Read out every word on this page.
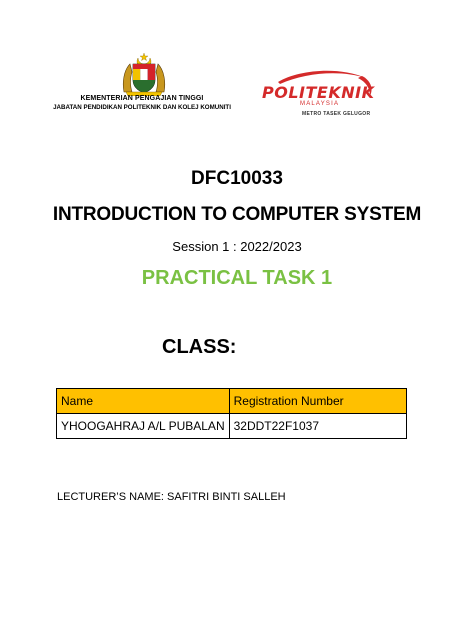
KEMENTERIAN PENGAJIAN TINGGI
JABATAN PENDIDIKAN POLITEKNIK DAN KOLEJ KOMUNITI
POLITEKNIK
MALAYSIA
METRO TASEK GELUGOR
DFC10033
INTRODUCTION TO COMPUTER SYSTEM
Session 1 : 2022/2023
PRACTICAL TASK 1
CLASS:
Name	Registration Number
YHOOGAHRAJ A/L PUBALAN	32DDT22F1037
LECTURER’S NAME: SAFITRI BINTI SALLEH
